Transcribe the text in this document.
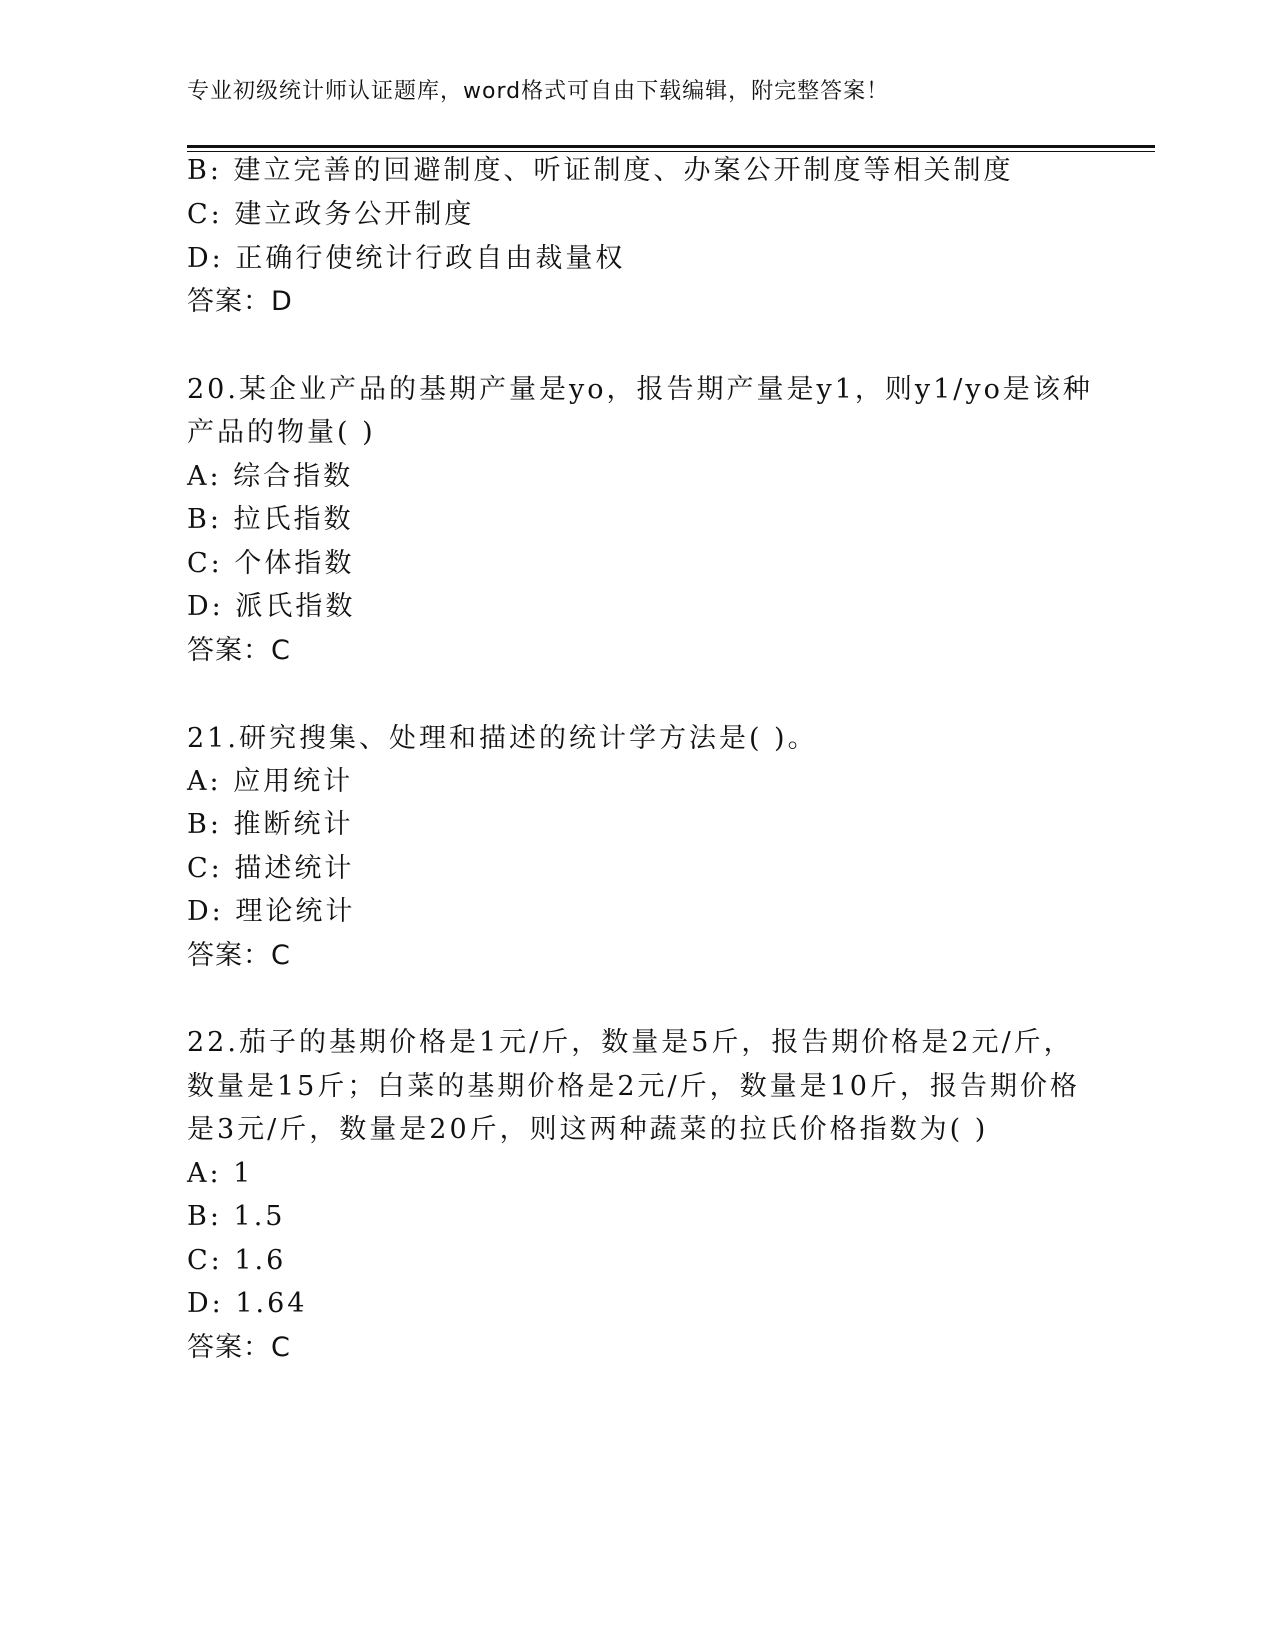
专业初级统计师认证题库，word格式可自由下载编辑，附完整答案！
B: 建立完善的回避制度、听证制度、办案公开制度等相关制度
C: 建立政务公开制度
D: 正确行使统计行政自由裁量权
答案：D
20.某企业产品的基期产量是yo，报告期产量是y1，则y1/yo是该种
产品的物量( )
A: 综合指数
B: 拉氏指数
C: 个体指数
D: 派氏指数
答案：C
21.研究搜集、处理和描述的统计学方法是( )。
A: 应用统计
B: 推断统计
C: 描述统计
D: 理论统计
答案：C
22.茄子的基期价格是1元/斤，数量是5斤，报告期价格是2元/斤，
数量是15斤；白菜的基期价格是2元/斤，数量是10斤，报告期价格
是3元/斤，数量是20斤，则这两种蔬菜的拉氏价格指数为( )
A: 1
B: 1.5
C: 1.6
D: 1.64
答案：C
